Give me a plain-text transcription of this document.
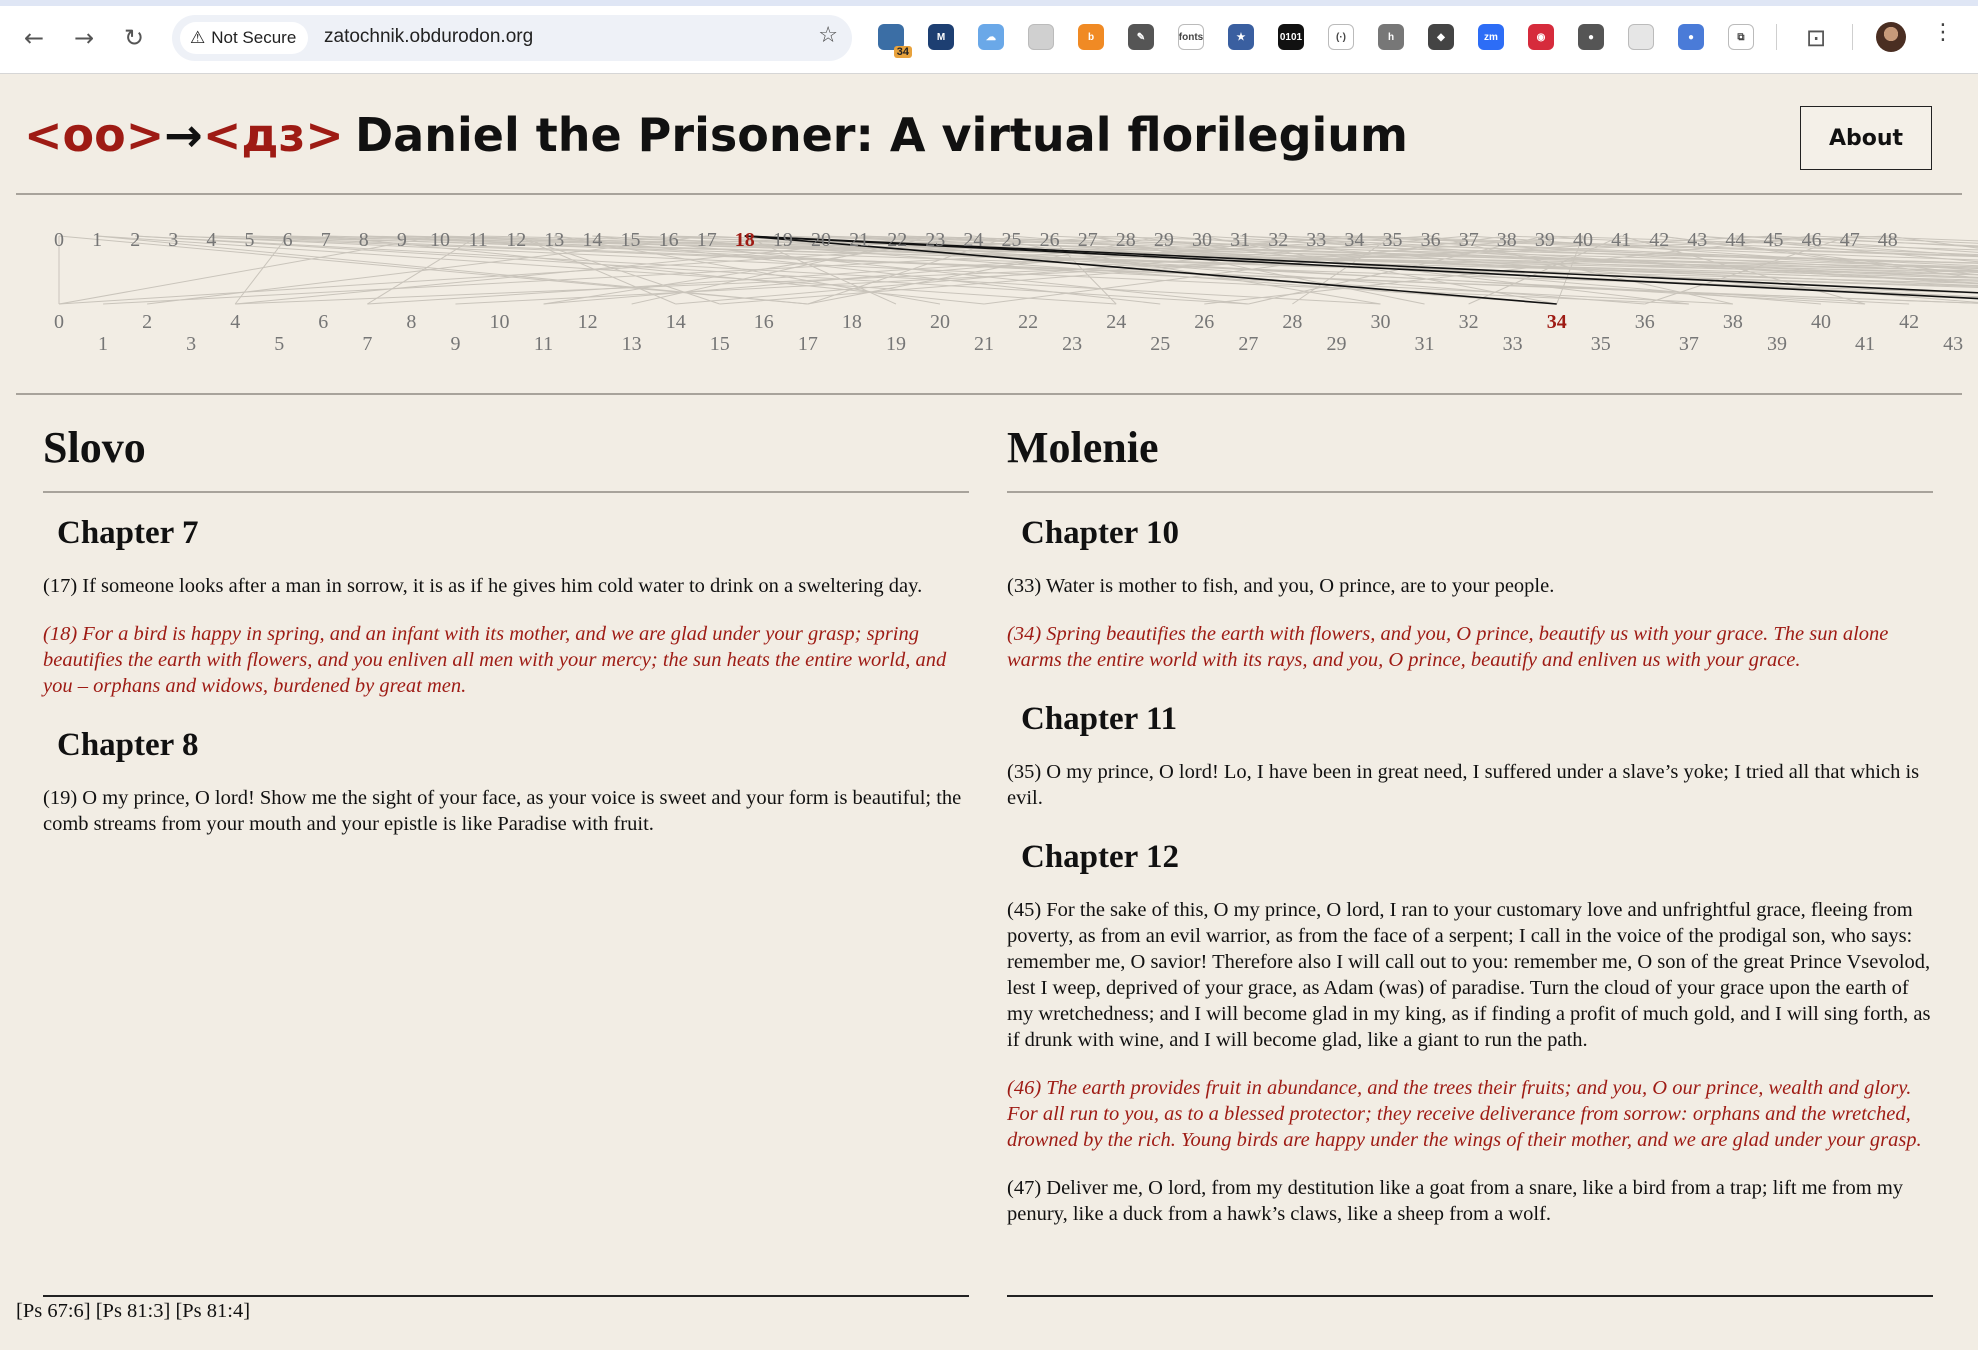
←	→	↻	⚠ Not Secure zatochnik.obdurodon.org	☆
34
M	☁	b	✎	fonts	★	0101	(·)	h	◆	zm	◉	●	●	⧉	⊡	⋮
<оо>→<дз> Daniel the Prisoner: A virtual florilegium	About
0 1 2 3 4 5 6 7 8 9 10 11 12 13 14 15 16 17 18 19 20 21 22 23 24 25 26 27 28 29 30 31 32 33 34 35 36 37 38 39 40 41 42 43 44 45 46 47 48
0
1
2
3
4
5
6
7
8
9
10
11
12
13
14
15
16
17
18
19
20
21
22
23
24
25
26
27
28
29
30
31
32
33
34
35
36
37
38
39
40
41
42
43
Slovo
Chapter 7

(17) If someone looks after a man in sorrow, it is as if he gives him cold water to drink on a sweltering day.

(18) For a bird is happy in spring, and an infant with its mother, and we are glad under your grasp; spring beautifies the earth with flowers, and you enliven all men with your mercy; the sun heats the entire world, and you – orphans and widows, burdened by great men.

Chapter 8

(19) O my prince, O lord! Show me the sight of your face, as your voice is sweet and your form is beautiful; the comb streams from your mouth and your epistle is like Paradise with fruit.

Molenie
Chapter 10

(33) Water is mother to fish, and you, O prince, are to your people.

(34) Spring beautifies the earth with flowers, and you, O prince, beautify us with your grace. The sun alone warms the entire world with its rays, and you, O prince, beautify and enliven us with your grace.

Chapter 11

(35) O my prince, O lord! Lo, I have been in great need, I suffered under a slave’s yoke; I tried all that which is evil.

Chapter 12

(45) For the sake of this, O my prince, O lord, I ran to your customary love and unfrightful grace, fleeing from poverty, as from an evil warrior, as from the face of a serpent; I call in the voice of the prodigal son, who says: remember me, O savior! Therefore also I will call out to you: remember me, O son of the great Prince Vsevolod, lest I weep, deprived of your grace, as Adam (was) of paradise. Turn the cloud of your grace upon the earth of my wretchedness; and I will become glad in my king, as if finding a profit of much gold, and I will sing forth, as if drunk with wine, and I will become glad, like a giant to run the path.

(46) The earth provides fruit in abundance, and the trees their fruits; and you, O our prince, wealth and glory. For all run to you, as to a blessed protector; they receive deliverance from sorrow: orphans and the wretched, drowned by the rich. Young birds are happy under the wings of their mother, and we are glad under your grasp.

(47) Deliver me, O lord, from my destitution like a goat from a snare, like a bird from a trap; lift me from my penury, like a duck from a hawk’s claws, like a sheep from a wolf.

[Ps 67:6] [Ps 81:3] [Ps 81:4]
